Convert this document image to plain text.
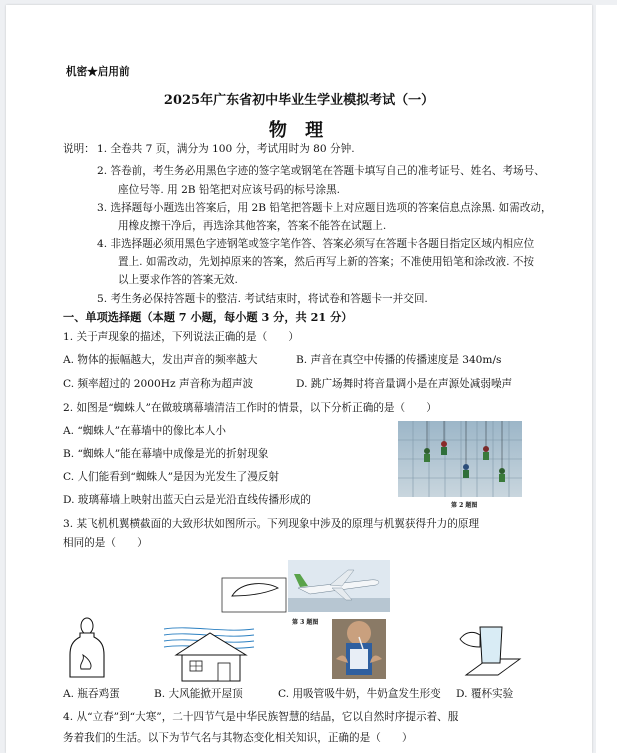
机密★启用前
2025年广东省初中毕业生学业模拟考试（一）
物 理
说明： 1. 全卷共 7 页，满分为 100 分，考试用时为 80 分钟.
2. 答卷前，考生务必用黑色字迹的签字笔或钢笔在答题卡填写自己的准考证号、姓名、考场号、
座位号等. 用 2B 铅笔把对应该号码的标号涂黑.
3. 选择题每小题选出答案后，用 2B 铅笔把答题卡上对应题目选项的答案信息点涂黑. 如需改动，
用橡皮擦干净后，再选涂其他答案，答案不能答在试题上.
4. 非选择题必须用黑色字迹钢笔或签字笔作答、答案必须写在答题卡各题目指定区域内相应位
置上. 如需改动，先划掉原来的答案，然后再写上新的答案；不准使用铅笔和涂改液. 不按
以上要求作答的答案无效.
5. 考生务必保持答题卡的整洁. 考试结束时，将试卷和答题卡一并交回.
一、单项选择题（本题 7 小题，每小题 3 分，共 21 分）
1. 关于声现象的描述，下列说法正确的是（　　）
A. 物体的振幅越大，发出声音的频率越大	B. 声音在真空中传播的传播速度是 340m/s
C. 频率超过的 2000Hz 声音称为超声波	D. 跳广场舞时将音量调小是在声源处减弱噪声
2. 如图是“蜘蛛人”在做玻璃幕墙清洁工作时的情景，以下分析正确的是（　　）
A. “蜘蛛人”在幕墙中的像比本人小
B. “蜘蛛人”能在幕墙中成像是光的折射现象
C. 人们能看到“蜘蛛人”是因为光发生了漫反射
D. 玻璃幕墙上映射出蓝天白云是光沿直线传播形成的	第 2 题图
3. 某飞机机翼横截面的大致形状如图所示。下列现象中涉及的原理与机翼获得升力的原理
相同的是（　　）
第 3 题图
A. 瓶吞鸡蛋	B. 大风能掀开屋顶	C. 用吸管吸牛奶，牛奶盒发生形变 D. 覆杯实验
4. 从“立春”到“大寒”，二十四节气是中华民族智慧的结晶，它以自然时序提示着、服
务着我们的生活。以下为节气名与其物态变化相关知识，正确的是（　　）
